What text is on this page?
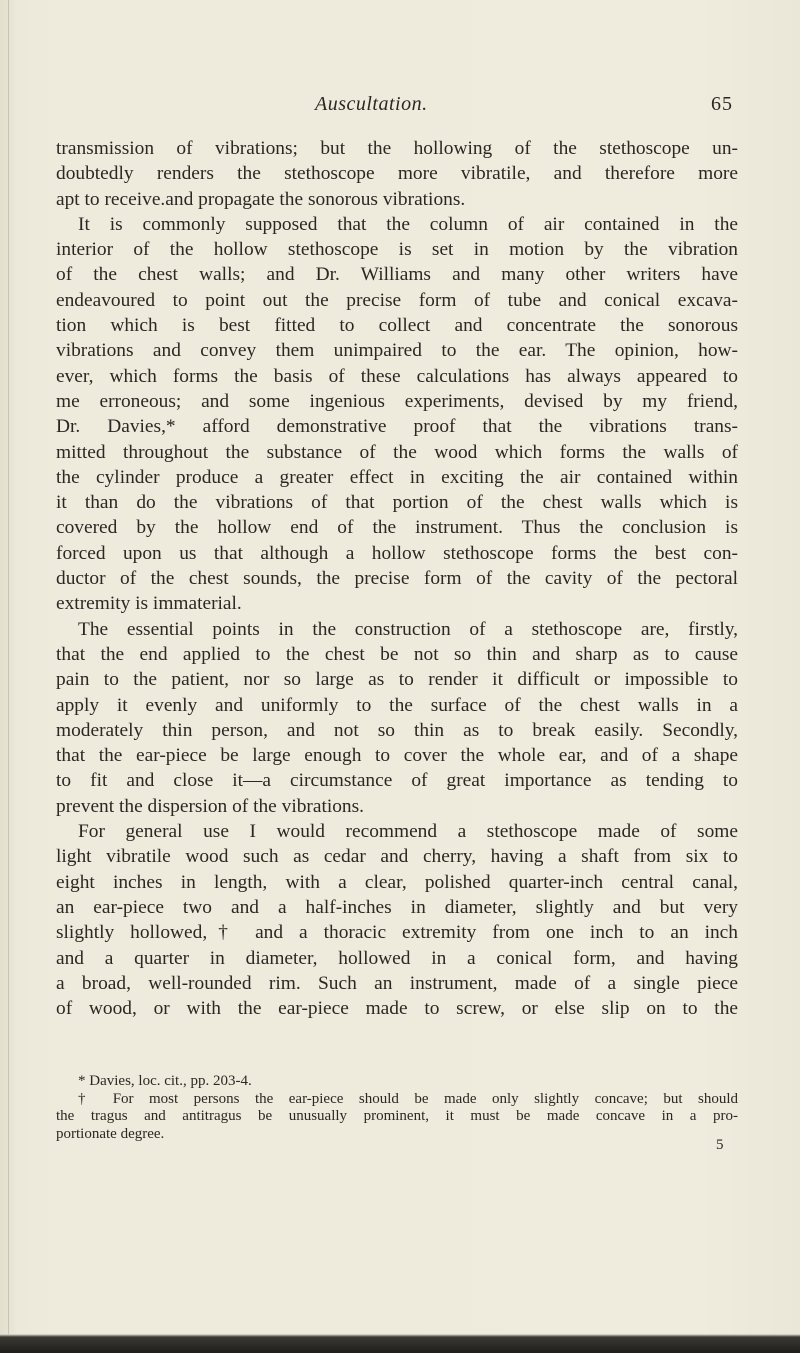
Auscultation.	65
transmission of vibrations; but the hollowing of the stethoscope un-
doubtedly renders the stethoscope more vibratile, and therefore more
apt to receive.and propagate the sonorous vibrations.
It is commonly supposed that the column of air contained in the
interior of the hollow stethoscope is set in motion by the vibration
of the chest walls; and Dr. Williams and many other writers have
endeavoured to point out the precise form of tube and conical excava-
tion which is best fitted to collect and concentrate the sonorous
vibrations and convey them unimpaired to the ear. The opinion, how-
ever, which forms the basis of these calculations has always appeared to
me erroneous; and some ingenious experiments, devised by my friend,
Dr. Davies,* afford demonstrative proof that the vibrations trans-
mitted throughout the substance of the wood which forms the walls of
the cylinder produce a greater effect in exciting the air contained within
it than do the vibrations of that portion of the chest walls which is
covered by the hollow end of the instrument. Thus the conclusion is
forced upon us that although a hollow stethoscope forms the best con-
ductor of the chest sounds, the precise form of the cavity of the pectoral
extremity is immaterial.
The essential points in the construction of a stethoscope are, firstly,
that the end applied to the chest be not so thin and sharp as to cause
pain to the patient, nor so large as to render it difficult or impossible to
apply it evenly and uniformly to the surface of the chest walls in a
moderately thin person, and not so thin as to break easily. Secondly,
that the ear-piece be large enough to cover the whole ear, and of a shape
to fit and close it—a circumstance of great importance as tending to
prevent the dispersion of the vibrations.
For general use I would recommend a stethoscope made of some
light vibratile wood such as cedar and cherry, having a shaft from six to
eight inches in length, with a clear, polished quarter-inch central canal,
an ear-piece two and a half-inches in diameter, slightly and but very
slightly hollowed,† and a thoracic extremity from one inch to an inch
and a quarter in diameter, hollowed in a conical form, and having
a broad, well-rounded rim. Such an instrument, made of a single piece
of wood, or with the ear-piece made to screw, or else slip on to the
* Davies, loc. cit., pp. 203-4.
† For most persons the ear-piece should be made only slightly concave; but should
the tragus and antitragus be unusually prominent, it must be made concave in a pro-
portionate degree.
5
